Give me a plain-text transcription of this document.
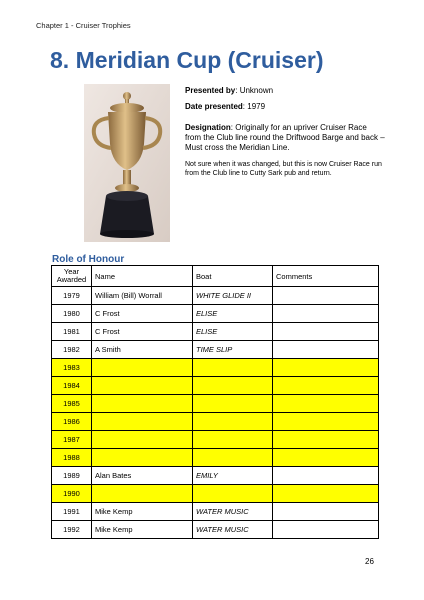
Chapter 1 - Cruiser Trophies
8. Meridian Cup (Cruiser)

Presented by: Unknown

Date presented: 1979

Designation: Originally for an upriver Cruiser Race from the Club line round the Driftwood Barge and back – Must cross the Meridian Line.

Not sure when it was changed, but this is now Cruiser Race run from the Club line to Cutty Sark pub and return.

Role of Honour
Year Awarded	Name	Boat	Comments
1979	William (Bill) Worrall	WHITE GLIDE II	
1980	C Frost	ELISE	
1981	C Frost	ELISE	
1982	A Smith	TIME SLIP	
1983			
1984			
1985			
1986			
1987			
1988			
1989	Alan Bates	EMILY	
1990			
1991	Mike Kemp	WATER MUSIC	
1992	Mike Kemp	WATER MUSIC	
26
